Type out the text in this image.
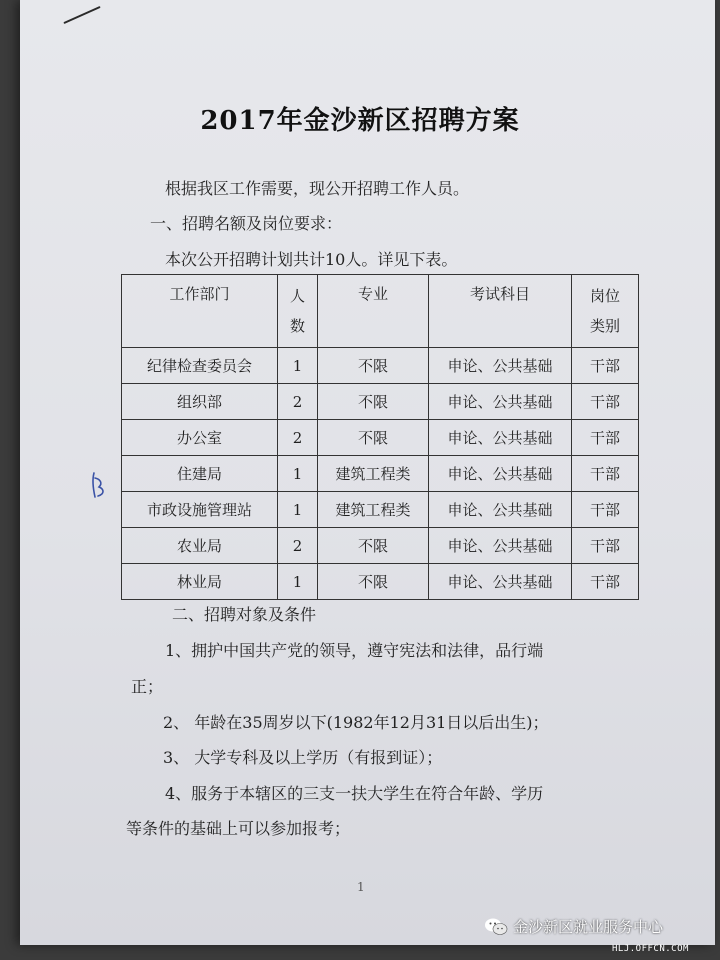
2017年金沙新区招聘方案
根据我区工作需要，现公开招聘工作人员。
一、招聘名额及岗位要求：
本次公开招聘计划共计10人。详见下表。
工作部门	人数	专业	考试科目	岗位类别
纪律检查委员会	1	不限	申论、公共基础	干部
组织部	2	不限	申论、公共基础	干部
办公室	2	不限	申论、公共基础	干部
住建局	1	建筑工程类	申论、公共基础	干部
市政设施管理站	1	建筑工程类	申论、公共基础	干部
农业局	2	不限	申论、公共基础	干部
林业局	1	不限	申论、公共基础	干部
二、招聘对象及条件
1、拥护中国共产党的领导，遵守宪法和法律，品行端
正；
2、 年龄在35周岁以下(1982年12月31日以后出生)；
3、 大学专科及以上学历（有报到证）；
4、服务于本辖区的三支一扶大学生在符合年龄、学历
等条件的基础上可以参加报考；
1
金沙新区就业服务中心
HLJ.OFFCN.COM
